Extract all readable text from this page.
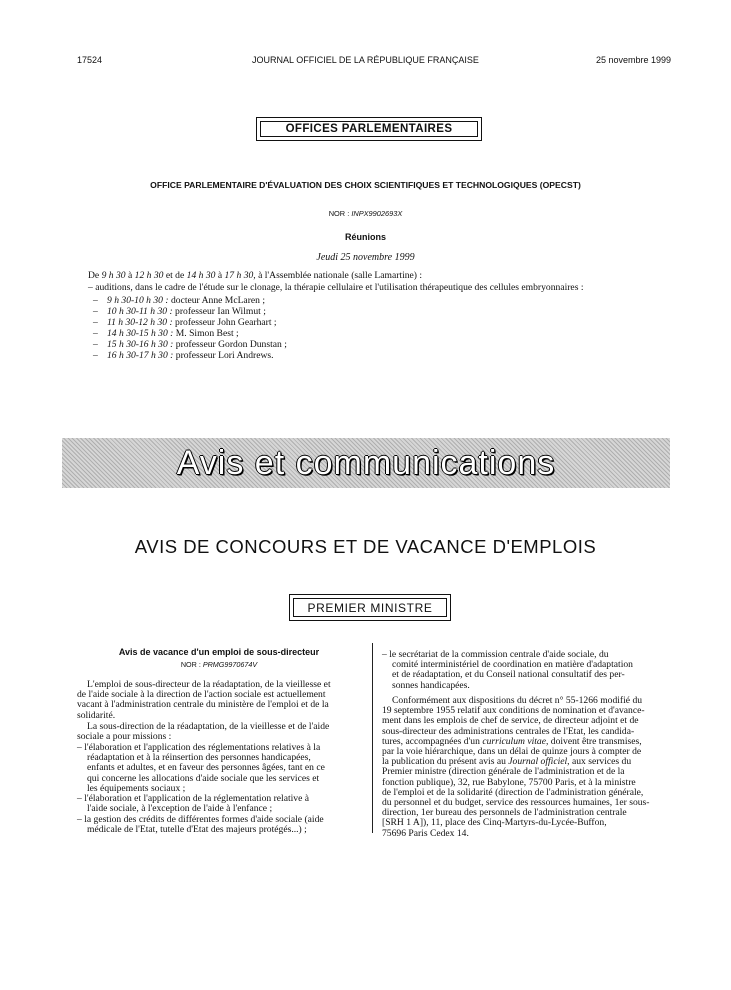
17524	JOURNAL OFFICIEL DE LA RÉPUBLIQUE FRANÇAISE	25 novembre 1999
OFFICES PARLEMENTAIRES
OFFICE PARLEMENTAIRE D'ÉVALUATION DES CHOIX SCIENTIFIQUES ET TECHNOLOGIQUES (OPECST)
NOR : INPX9902693X
Réunions
Jeudi 25 novembre 1999
De 9 h 30 à 12 h 30 et de 14 h 30 à 17 h 30, à l'Assemblée nationale (salle Lamartine) :
– auditions, dans le cadre de l'étude sur le clonage, la thérapie cellulaire et l'utilisation thérapeutique des cellules embryonnaires :
– 9 h 30-10 h 30 : docteur Anne McLaren ;
– 10 h 30-11 h 30 : professeur Ian Wilmut ;
– 11 h 30-12 h 30 : professeur John Gearhart ;
– 14 h 30-15 h 30 : M. Simon Best ;
– 15 h 30-16 h 30 : professeur Gordon Dunstan ;
– 16 h 30-17 h 30 : professeur Lori Andrews.
Avis et communications
AVIS DE CONCOURS ET DE VACANCE D'EMPLOIS
PREMIER MINISTRE
Avis de vacance d'un emploi de sous-directeur
NOR : PRMG9970674V
L'emploi de sous-directeur de la réadaptation, de la vieillesse et
de l'aide sociale à la direction de l'action sociale est actuellement
vacant à l'administration centrale du ministère de l'emploi et de la
solidarité.
La sous-direction de la réadaptation, de la vieillesse et de l'aide
sociale a pour missions :
– l'élaboration et l'application des réglementations relatives à la
réadaptation et à la réinsertion des personnes handicapées,
enfants et adultes, et en faveur des personnes âgées, tant en ce
qui concerne les allocations d'aide sociale que les services et
les équipements sociaux ;
– l'élaboration et l'application de la réglementation relative à
l'aide sociale, à l'exception de l'aide à l'enfance ;
– la gestion des crédits de différentes formes d'aide sociale (aide
médicale de l'Etat, tutelle d'Etat des majeurs protégés...) ;
– le secrétariat de la commission centrale d'aide sociale, du
comité interministériel de coordination en matière d'adaptation
et de réadaptation, et du Conseil national consultatif des per-
sonnes handicapées.
Conformément aux dispositions du décret n° 55-1266 modifié du
19 septembre 1955 relatif aux conditions de nomination et d'avance-
ment dans les emplois de chef de service, de directeur adjoint et de
sous-directeur des administrations centrales de l'Etat, les candida-
tures, accompagnées d'un curriculum vitae, doivent être transmises,
par la voie hiérarchique, dans un délai de quinze jours à compter de
la publication du présent avis au Journal officiel, aux services du
Premier ministre (direction générale de l'administration et de la
fonction publique), 32, rue Babylone, 75700 Paris, et à la ministre
de l'emploi et de la solidarité (direction de l'administration générale,
du personnel et du budget, service des ressources humaines, 1er sous-
direction, 1er bureau des personnels de l'administration centrale
[SRH 1 A]), 11, place des Cinq-Martyrs-du-Lycée-Buffon,
75696 Paris Cedex 14.
